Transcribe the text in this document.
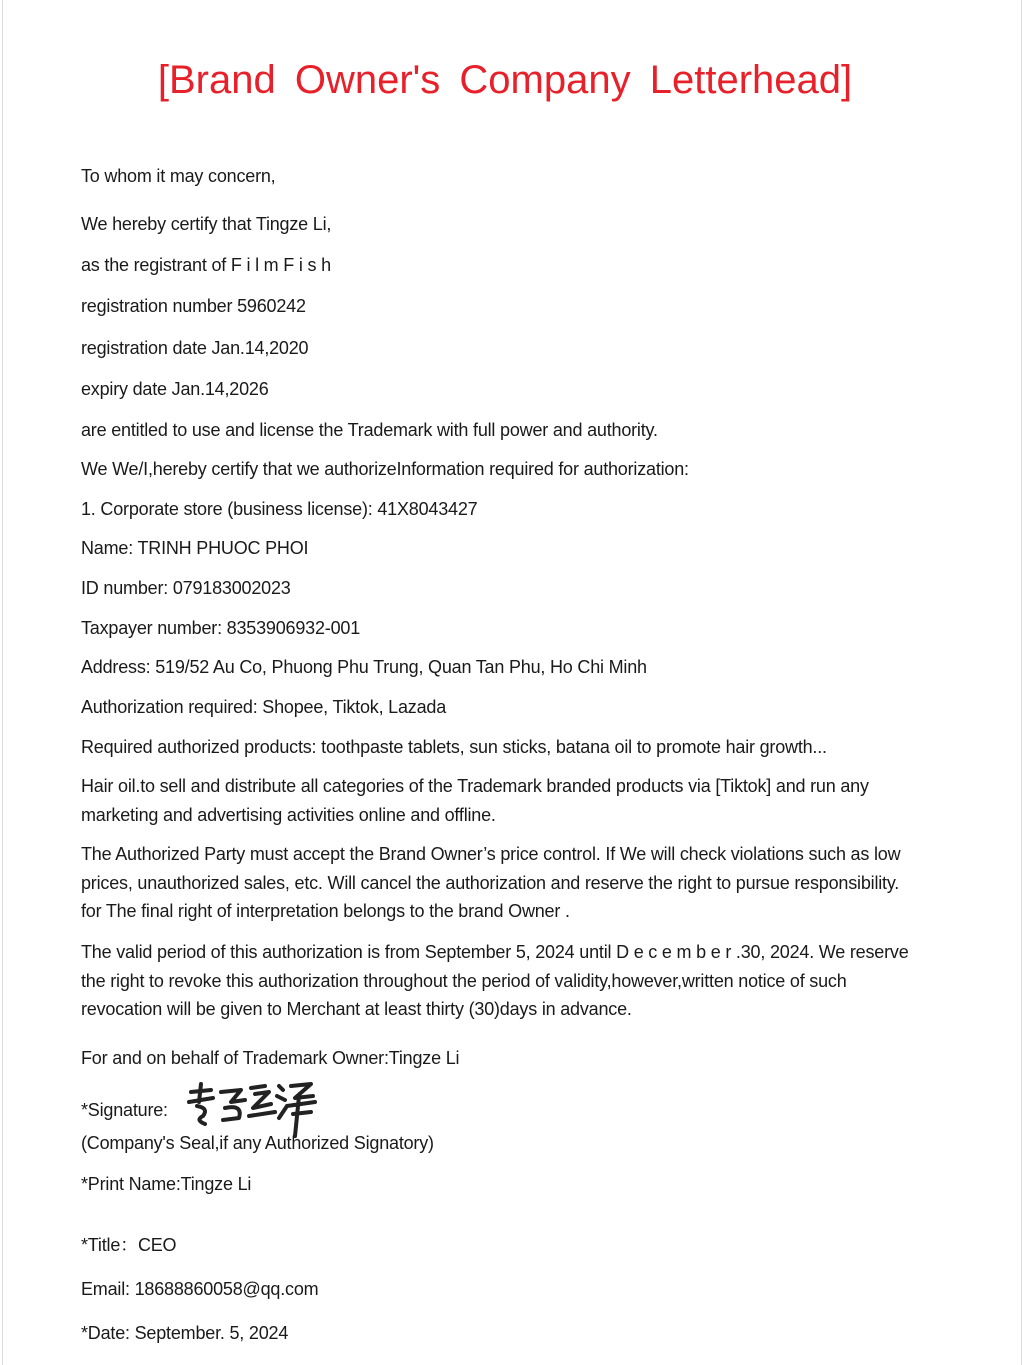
[Brand Owner's Company Letterhead]
To whom it may concern,
We hereby certify that Tingze Li,
as the registrant of F i l m F i s h
registration number 5960242
registration date Jan.14,2020
expiry date Jan.14,2026
are entitled to use and license the Trademark with full power and authority.
We We/I,hereby certify that we authorizeInformation required for authorization:
1. Corporate store (business license): 41X8043427
Name: TRINH PHUOC PHOI
ID number: 079183002023
Taxpayer number: 8353906932-001
Address: 519/52 Au Co, Phuong Phu Trung, Quan Tan Phu, Ho Chi Minh
Authorization required: Shopee, Tiktok, Lazada
Required authorized products: toothpaste tablets, sun sticks, batana oil to promote hair growth...
Hair oil.to sell and distribute all categories of the Trademark branded products via [Tiktok] and run any marketing and advertising activities online and offline.
The Authorized Party must accept the Brand Owner’s price control. If We will check violations such as low prices, unauthorized sales, etc. Will cancel the authorization and reserve the right to pursue responsibility. for The final right of interpretation belongs to the brand Owner .
The valid period of this authorization is from September 5, 2024 until D e c e m b e r .30, 2024. We reserve the right to revoke this authorization throughout the period of validity,however,written notice of such revocation will be given to Merchant at least thirty (30)days in advance.
For and on behalf of Trademark Owner:Tingze Li
*Signature:
(Company's Seal,if any Authorized Signatory)
*Print Name:Tingze Li
*Title：CEO
Email: 18688860058@qq.com
*Date: September. 5, 2024
